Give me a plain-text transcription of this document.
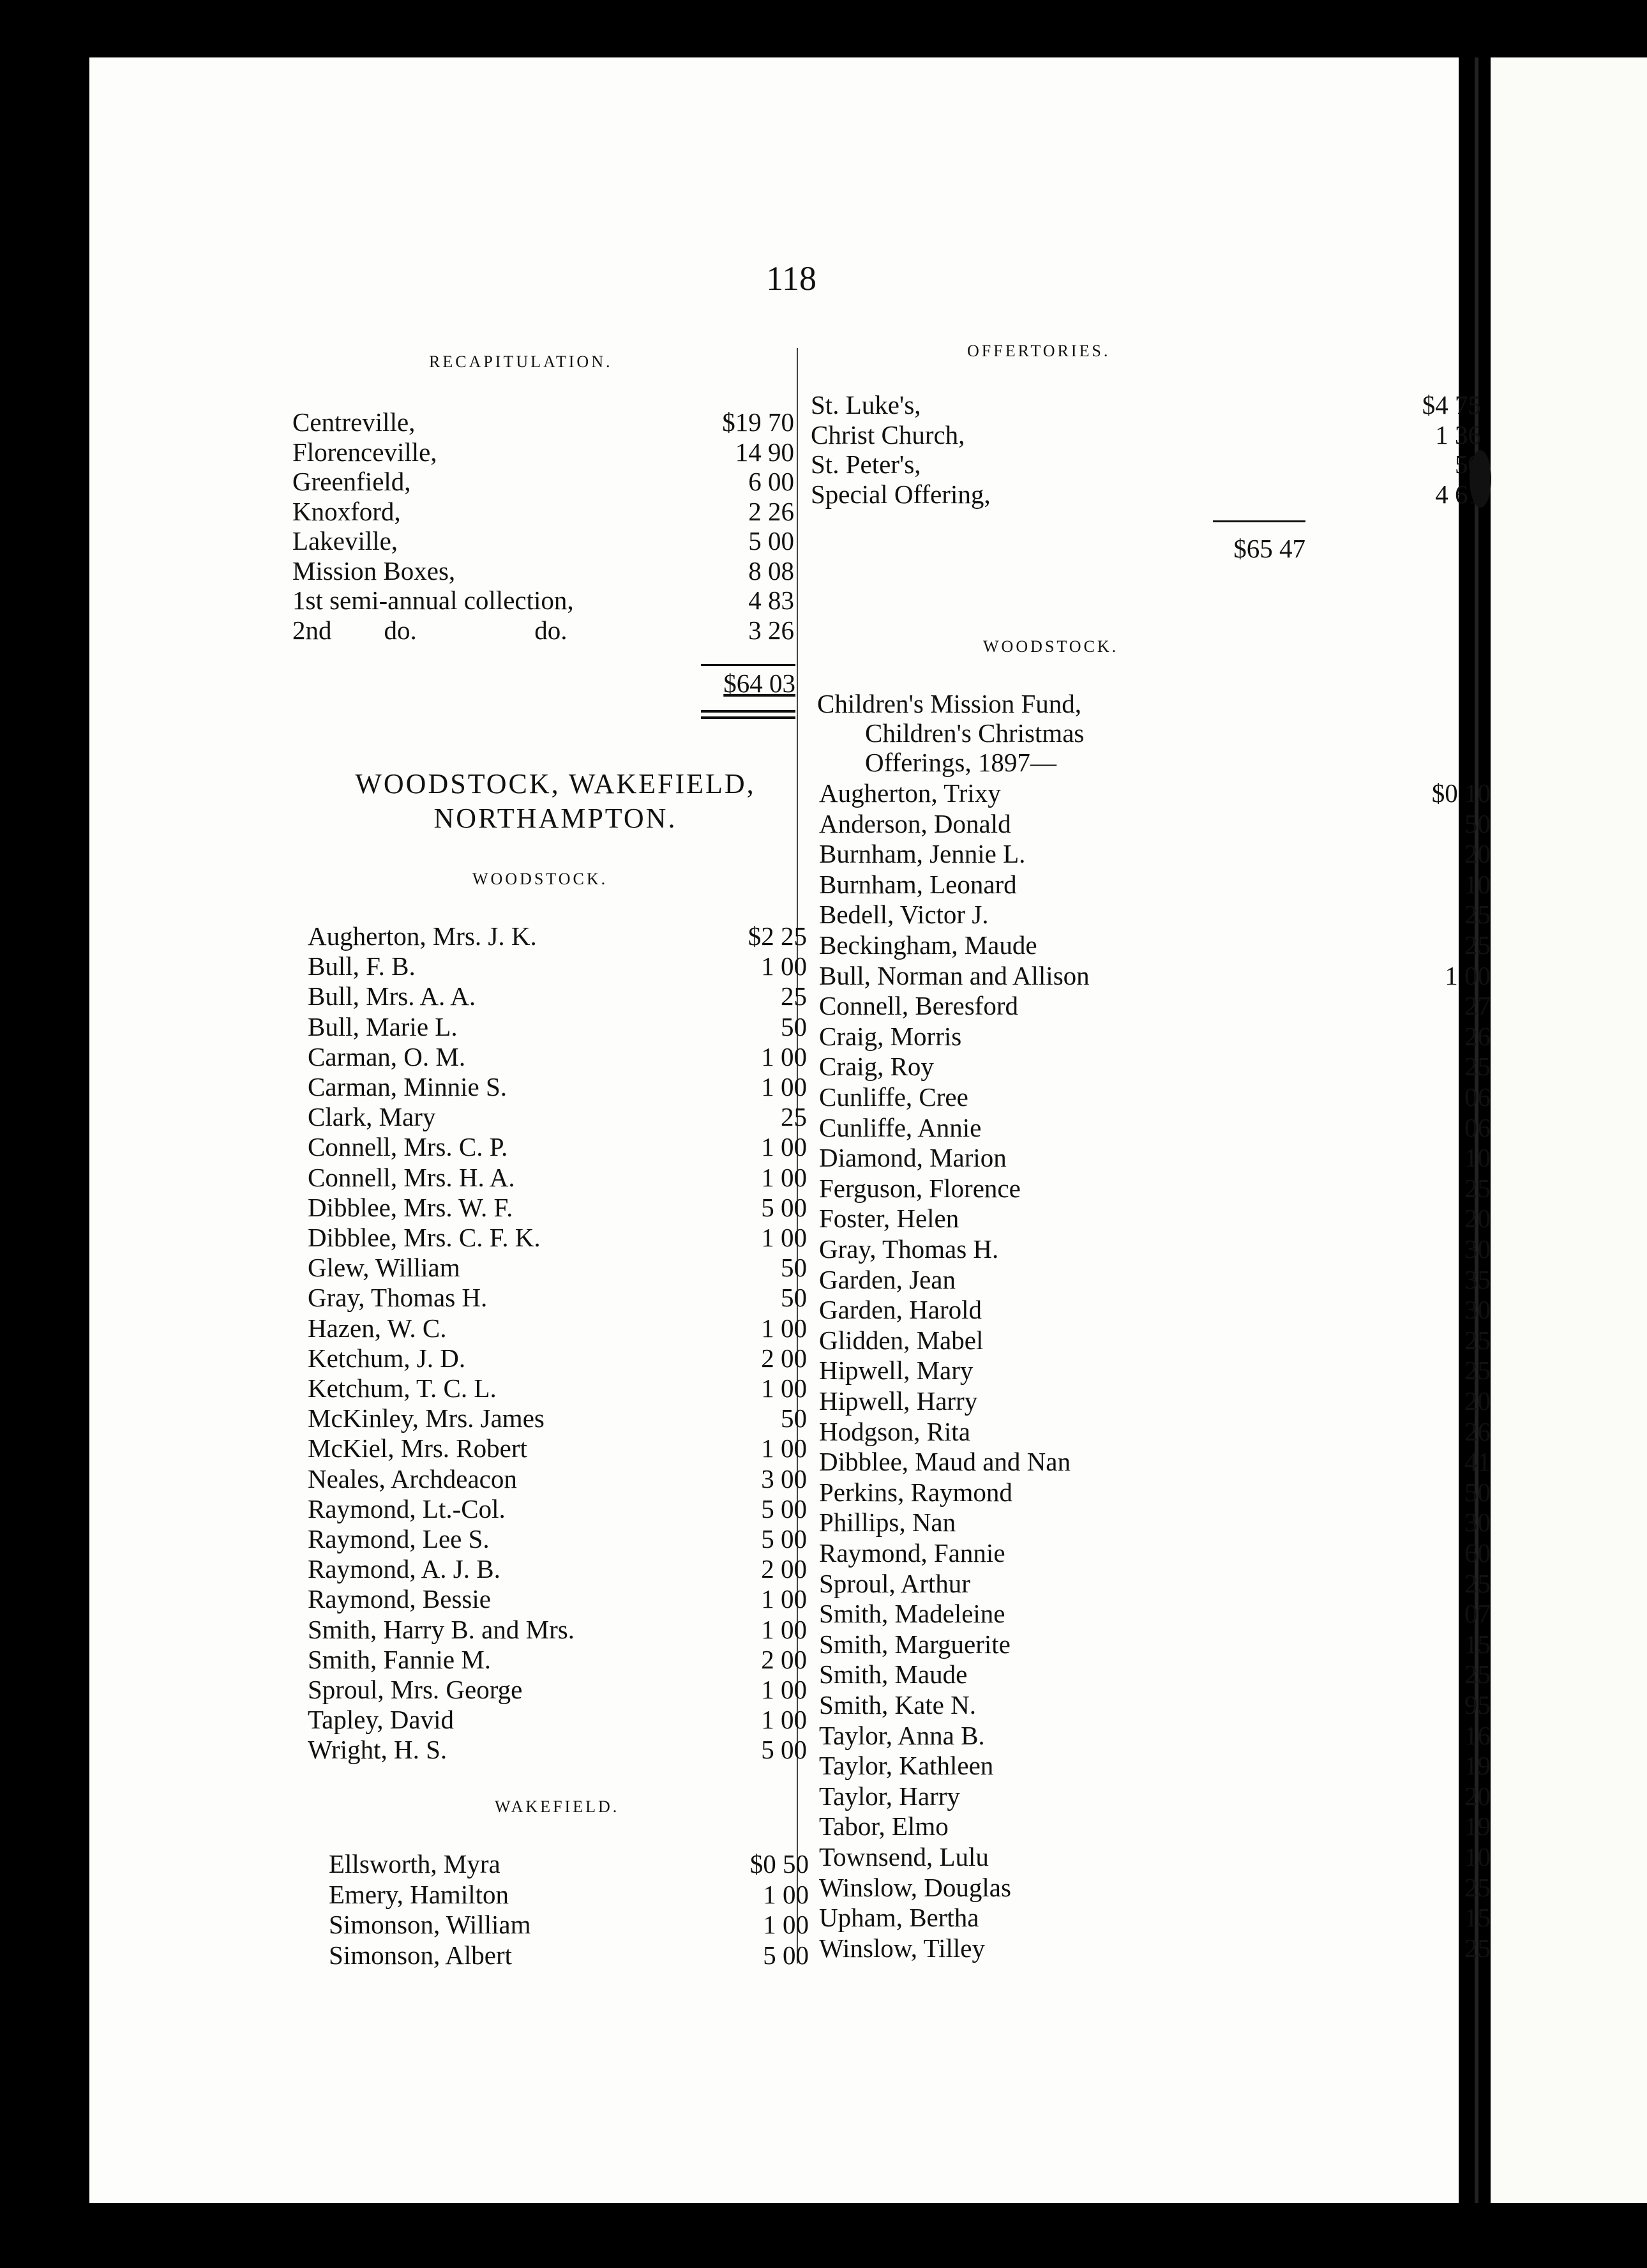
118
RECAPITULATION.
Centreville,	$19 70
Florenceville,	14 90
Greenfield,	6 00
Knoxford,	2 26
Lakeville,	5 00
Mission Boxes,	8 08
1st semi-annual collection,	4 83
2nd        do.                  do.	3 26
$64 03
WOODSTOCK, WAKEFIELD,
NORTHAMPTON.
WOODSTOCK.
Augherton, Mrs. J. K.	$2 25
Bull, F. B.	1 00
Bull, Mrs. A. A.	25
Bull, Marie L.	50
Carman, O. M.	1 00
Carman, Minnie S.	1 00
Clark, Mary	25
Connell, Mrs. C. P.	1 00
Connell, Mrs. H. A.	1 00
Dibblee, Mrs. W. F.	5 00
Dibblee, Mrs. C. F. K.	1 00
Glew, William	50
Gray, Thomas H.	50
Hazen, W. C.	1 00
Ketchum, J. D.	2 00
Ketchum, T. C. L.	1 00
McKinley, Mrs. James	50
McKiel, Mrs. Robert	1 00
Neales, Archdeacon	3 00
Raymond, Lt.-Col.	5 00
Raymond, Lee S.	5 00
Raymond, A. J. B.	2 00
Raymond, Bessie	1 00
Smith, Harry B. and Mrs.	1 00
Smith, Fannie M.	2 00
Sproul, Mrs. George	1 00
Tapley, David	1 00
Wright, H. S.	5 00
WAKEFIELD.
Ellsworth, Myra	$0 50
Emery, Hamilton	1 00
Simonson, William	1 00
Simonson, Albert	5 00
OFFERTORIES.
St. Luke's,	$4 75
Christ Church,	1 36
St. Peter's,	50
Special Offering,	4 61
$65 47
WOODSTOCK.
Children's Mission Fund,
Children's Christmas
Offerings, 1897—
Augherton, Trixy	$0 10
Anderson, Donald	50
Burnham, Jennie L.	20
Burnham, Leonard	10
Bedell, Victor J.	25
Beckingham, Maude	25
Bull, Norman and Allison	1 00
Connell, Beresford	27
Craig, Morris	26
Craig, Roy	25
Cunliffe, Cree	06
Cunliffe, Annie	06
Diamond, Marion	10
Ferguson, Florence	25
Foster, Helen	20
Gray, Thomas H.	30
Garden, Jean	35
Garden, Harold	30
Glidden, Mabel	25
Hipwell, Mary	25
Hipwell, Harry	20
Hodgson, Rita	26
Dibblee, Maud and Nan	41
Perkins, Raymond	50
Phillips, Nan	30
Raymond, Fannie	60
Sproul, Arthur	25
Smith, Madeleine	07
Smith, Marguerite	15
Smith, Maude	25
Smith, Kate N.	95
Taylor, Anna B.	16
Taylor, Kathleen	19
Taylor, Harry	20
Tabor, Elmo	19
Townsend, Lulu	10
Winslow, Douglas	25
Upham, Bertha	15
Winslow, Tilley	25
